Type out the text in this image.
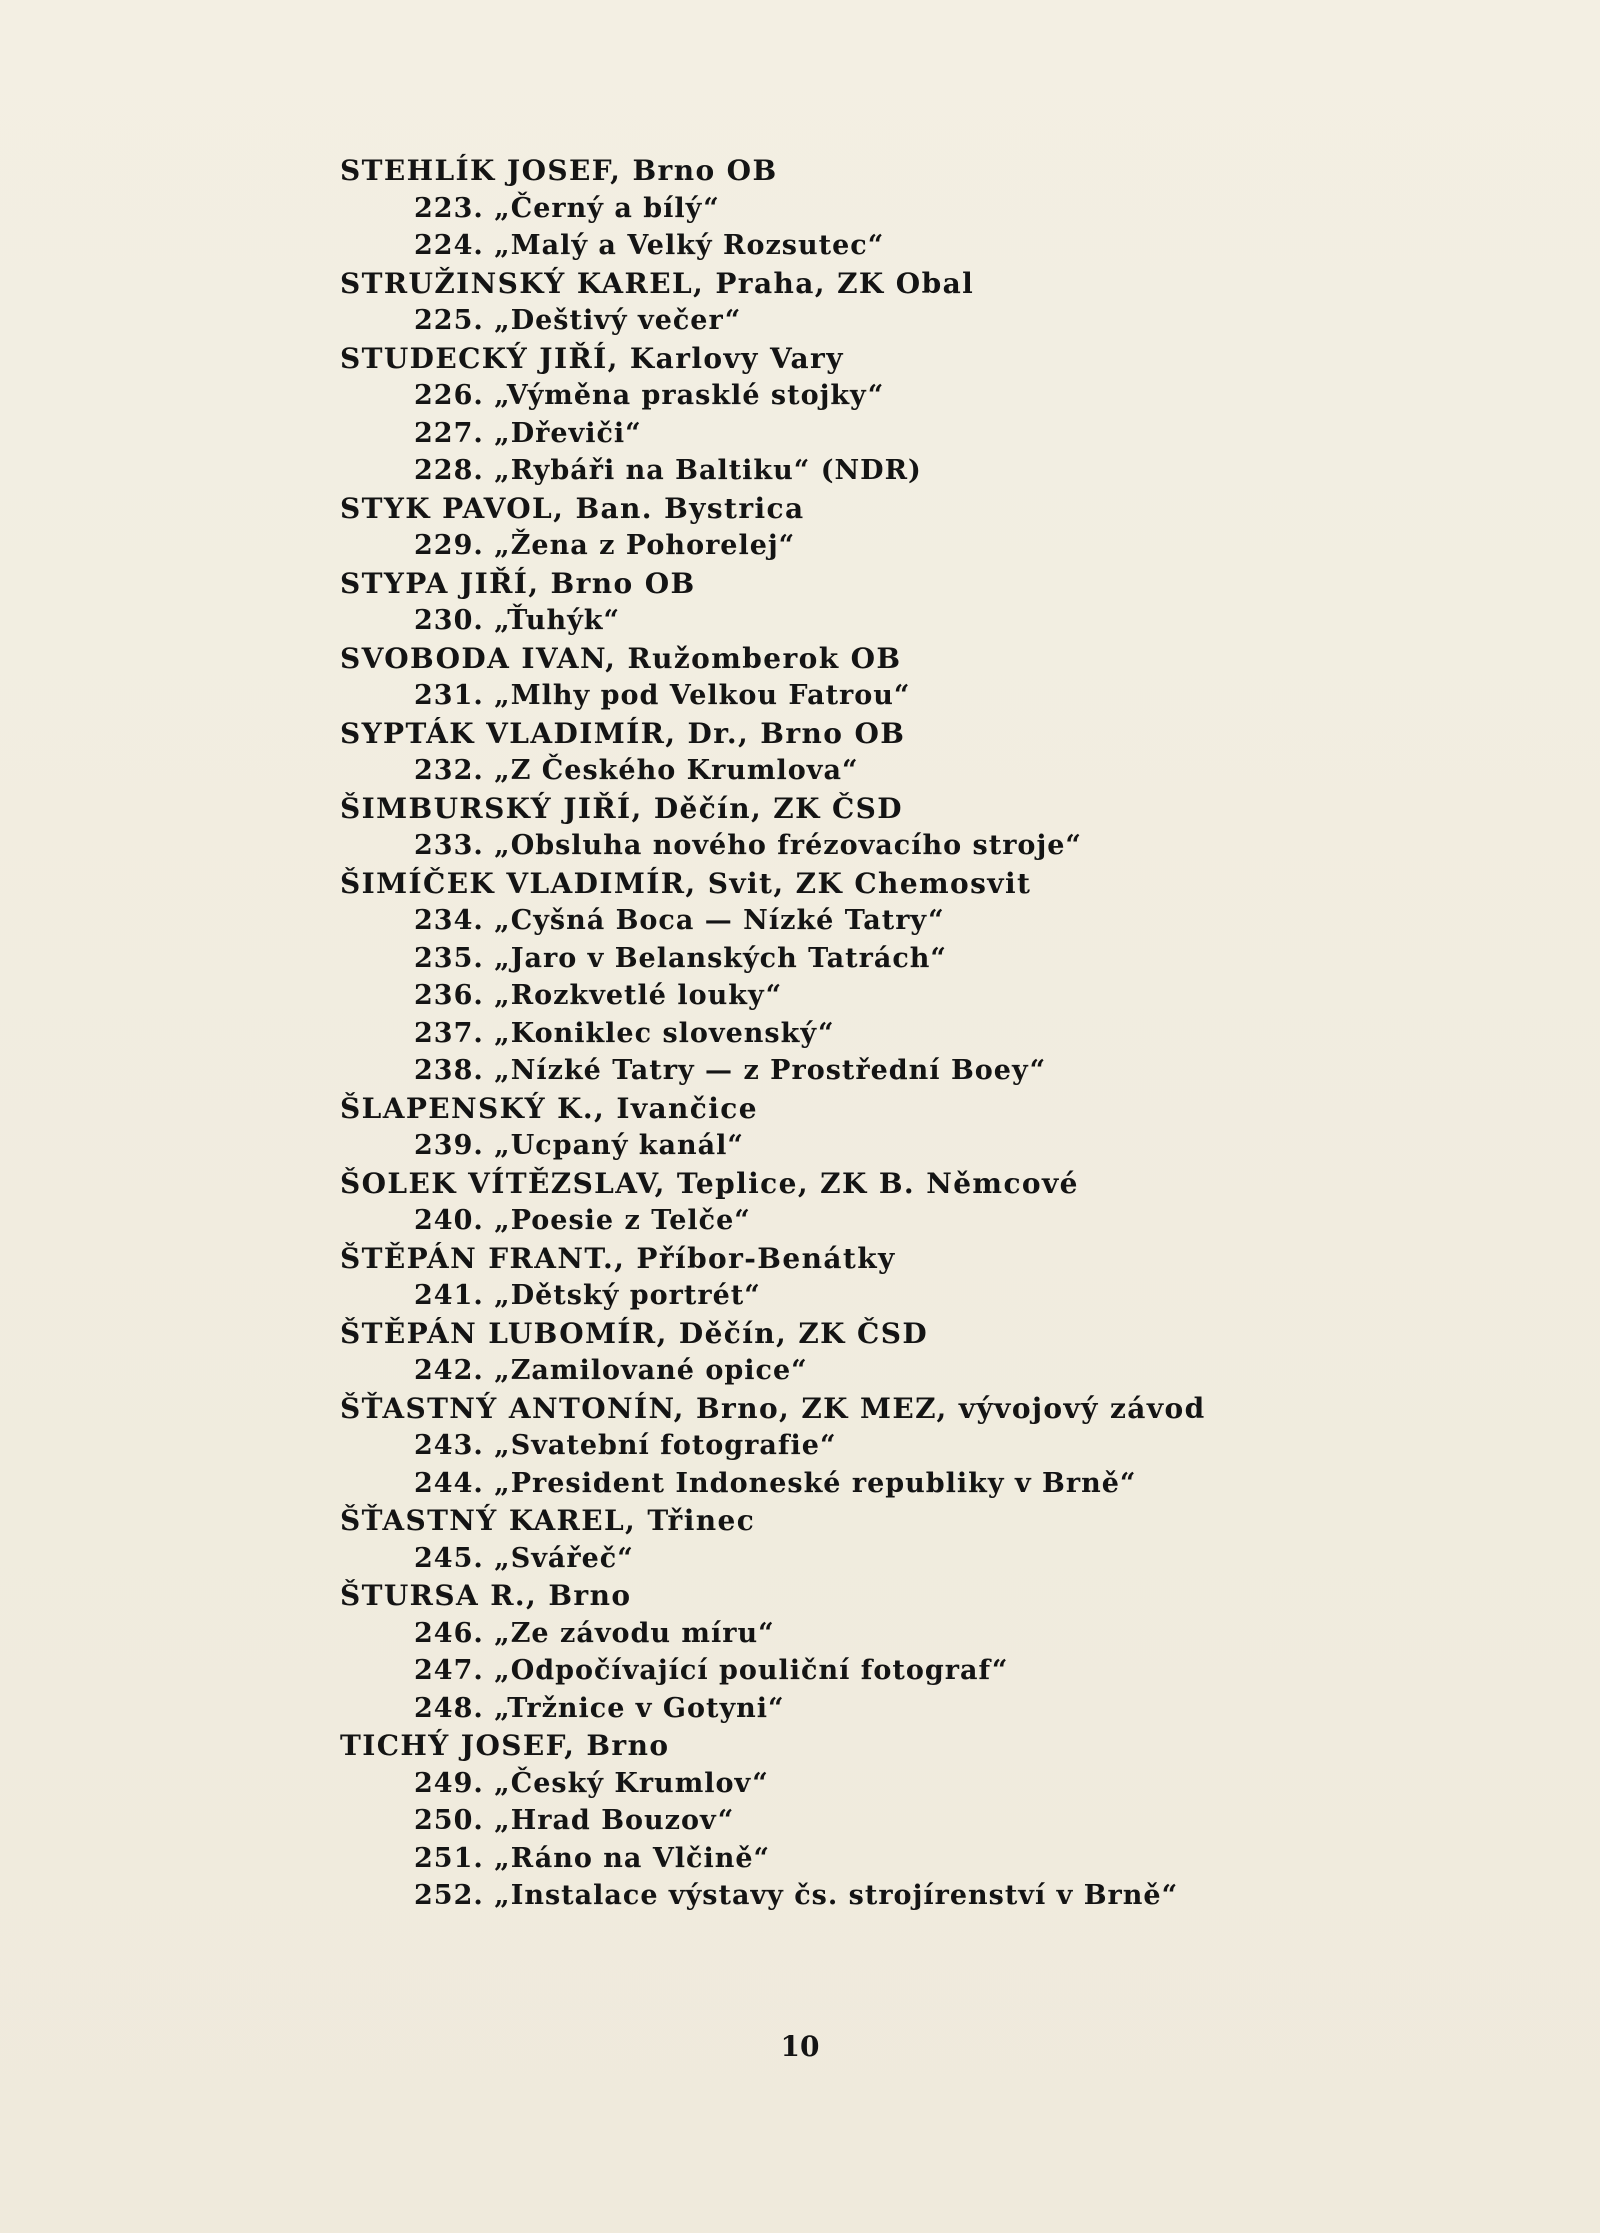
STEHLÍK JOSEF, Brno OB
223. „Černý a bílý“
224. „Malý a Velký Rozsutec“
STRUŽINSKÝ KAREL, Praha, ZK Obal
225. „Deštivý večer“
STUDECKÝ JIŘÍ, Karlovy Vary
226. „Výměna prasklé stojky“
227. „Dřeviči“
228. „Rybáři na Baltiku“ (NDR)
STYK PAVOL, Ban. Bystrica
229. „Žena z Pohorelej“
STYPA JIŘÍ, Brno OB
230. „Ťuhýk“
SVOBODA IVAN, Ružomberok OB
231. „Mlhy pod Velkou Fatrou“
SYPTÁK VLADIMÍR, Dr., Brno OB
232. „Z Českého Krumlova“
ŠIMBURSKÝ JIŘÍ, Děčín, ZK ČSD
233. „Obsluha nového frézovacího stroje“
ŠIMÍČEK VLADIMÍR, Svit, ZK Chemosvit
234. „Cyšná Boca — Nízké Tatry“
235. „Jaro v Belanských Tatrách“
236. „Rozkvetlé louky“
237. „Koniklec slovenský“
238. „Nízké Tatry — z Prostřední Boey“
ŠLAPENSKÝ K., Ivančice
239. „Ucpaný kanál“
ŠOLEK VÍTĚZSLAV, Teplice, ZK B. Němcové
240. „Poesie z Telče“
ŠTĚPÁN FRANT., Příbor-Benátky
241. „Dětský portrét“
ŠTĚPÁN LUBOMÍR, Děčín, ZK ČSD
242. „Zamilované opice“
ŠŤASTNÝ ANTONÍN, Brno, ZK MEZ, vývojový závod
243. „Svatební fotografie“
244. „President Indoneské republiky v Brně“
ŠŤASTNÝ KAREL, Třinec
245. „Svářeč“
ŠTURSA R., Brno
246. „Ze závodu míru“
247. „Odpočívající pouliční fotograf“
248. „Tržnice v Gotyni“
TICHÝ JOSEF, Brno
249. „Český Krumlov“
250. „Hrad Bouzov“
251. „Ráno na Vlčině“
252. „Instalace výstavy čs. strojírenství v Brně“
10
